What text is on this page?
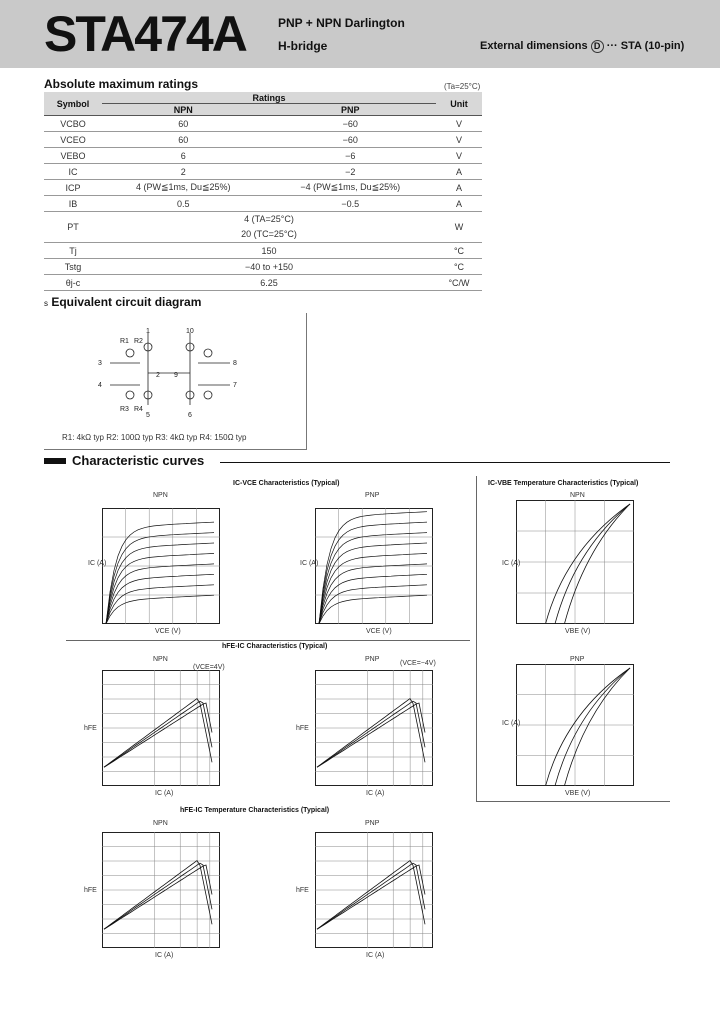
STA474A	PNP + NPN Darlington
H-bridge	External dimensions D ··· STA (10-pin)
Absolute maximum ratings	(Ta=25°C)
Symbol	Ratings		Unit
	NPN	PNP	
VCBO	60	−60	V
VCEO	60	−60	V
VEBO	6	−6	V
IC	2	−2	A
ICP	4 (PW≦1ms, Du≦25%)	−4 (PW≦1ms, Du≦25%)	A
IB	0.5	−0.5	A
PT	4 (TA=25°C)
20 (TC=25°C)		W
Tj	150		°C
Tstg	−40 to +150		°C
θj-c	6.25		°C/W
s Equivalent circuit diagram
1
2
3
4
5	6
7
8
9
10
R1 R2
R3 R4
R1: 4kΩ typ R2: 100Ω typ R3: 4kΩ typ R4: 150Ω typ
Characteristic curves
IC-VCE Characteristics (Typical)	IC-VBE Temperature Characteristics (Typical)
NPN	PNP	NPN
hFE-IC Characteristics (Typical)
NPN	PNP	PNP
(VCE=4V)
(VCE=−4V)
hFE-IC Temperature Characteristics (Typical)
NPN	PNP
VCE (V)	VCE (V)	VBE (V)
IC (A)	IC (A)	VBE (V)
IC (A)	IC (A)
IC (A)	IC (A)	IC (A)
hFE	hFE
IC (A)
hFE	hFE
